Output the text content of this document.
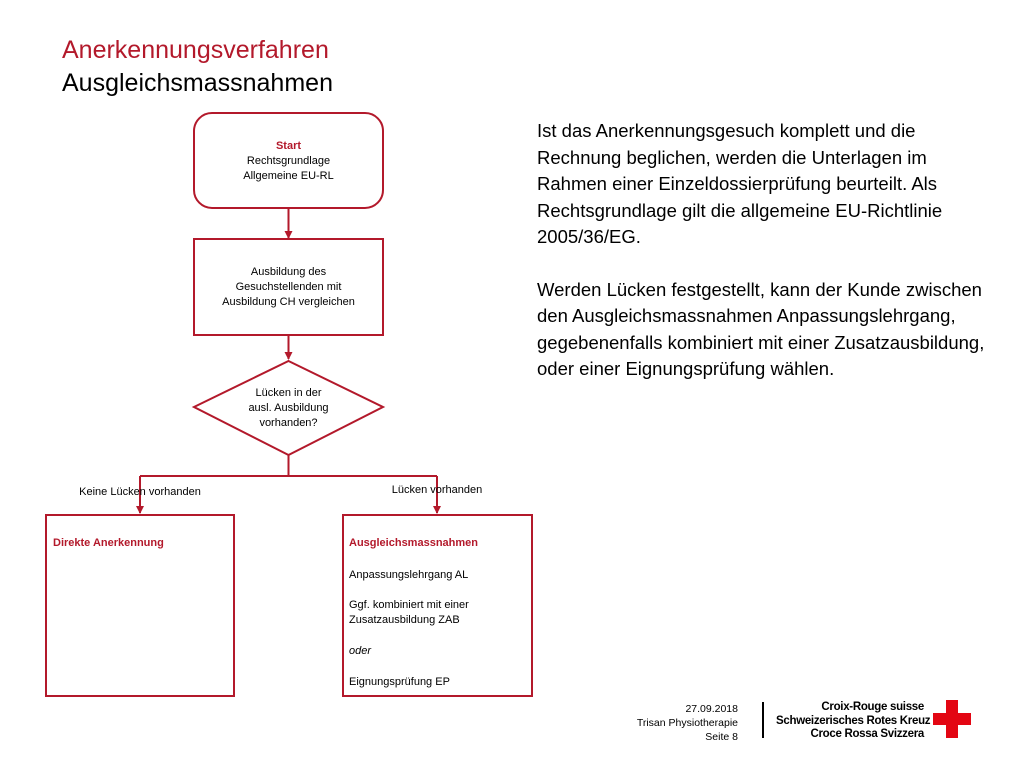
Anerkennungsverfahren
Ausgleichsmassnahmen
Start
Rechtsgrundlage
Allgemeine EU-RL
Ausbildung des
Gesuchstellenden mit
Ausbildung CH vergleichen
Lücken in der
ausl. Ausbildung
vorhanden?
Keine Lücken vorhanden	Lücken vorhanden
Direkte Anerkennung	Ausgleichsmassnahmen
Anpassungslehrgang AL
Ggf. kombiniert mit einer
Zusatzausbildung ZAB
oder
Eignungsprüfung EP

Ist das Anerkennungsgesuch komplett und die Rechnung beglichen, werden die Unterlagen im Rahmen einer Einzeldossierprüfung beurteilt. Als Rechtsgrundlage gilt die allgemeine EU-Richtlinie 2005/36/EG.

Werden Lücken festgestellt, kann der Kunde zwischen den Ausgleichsmassnahmen Anpassungslehrgang, gegebenenfalls kombiniert mit einer Zusatzausbildung, oder einer Eignungsprüfung wählen.

27.09.2018
Trisan Physiotherapie
Seite 8
Croix-Rouge suisse
Schweizerisches Rotes Kreuz
Croce Rossa Svizzera
